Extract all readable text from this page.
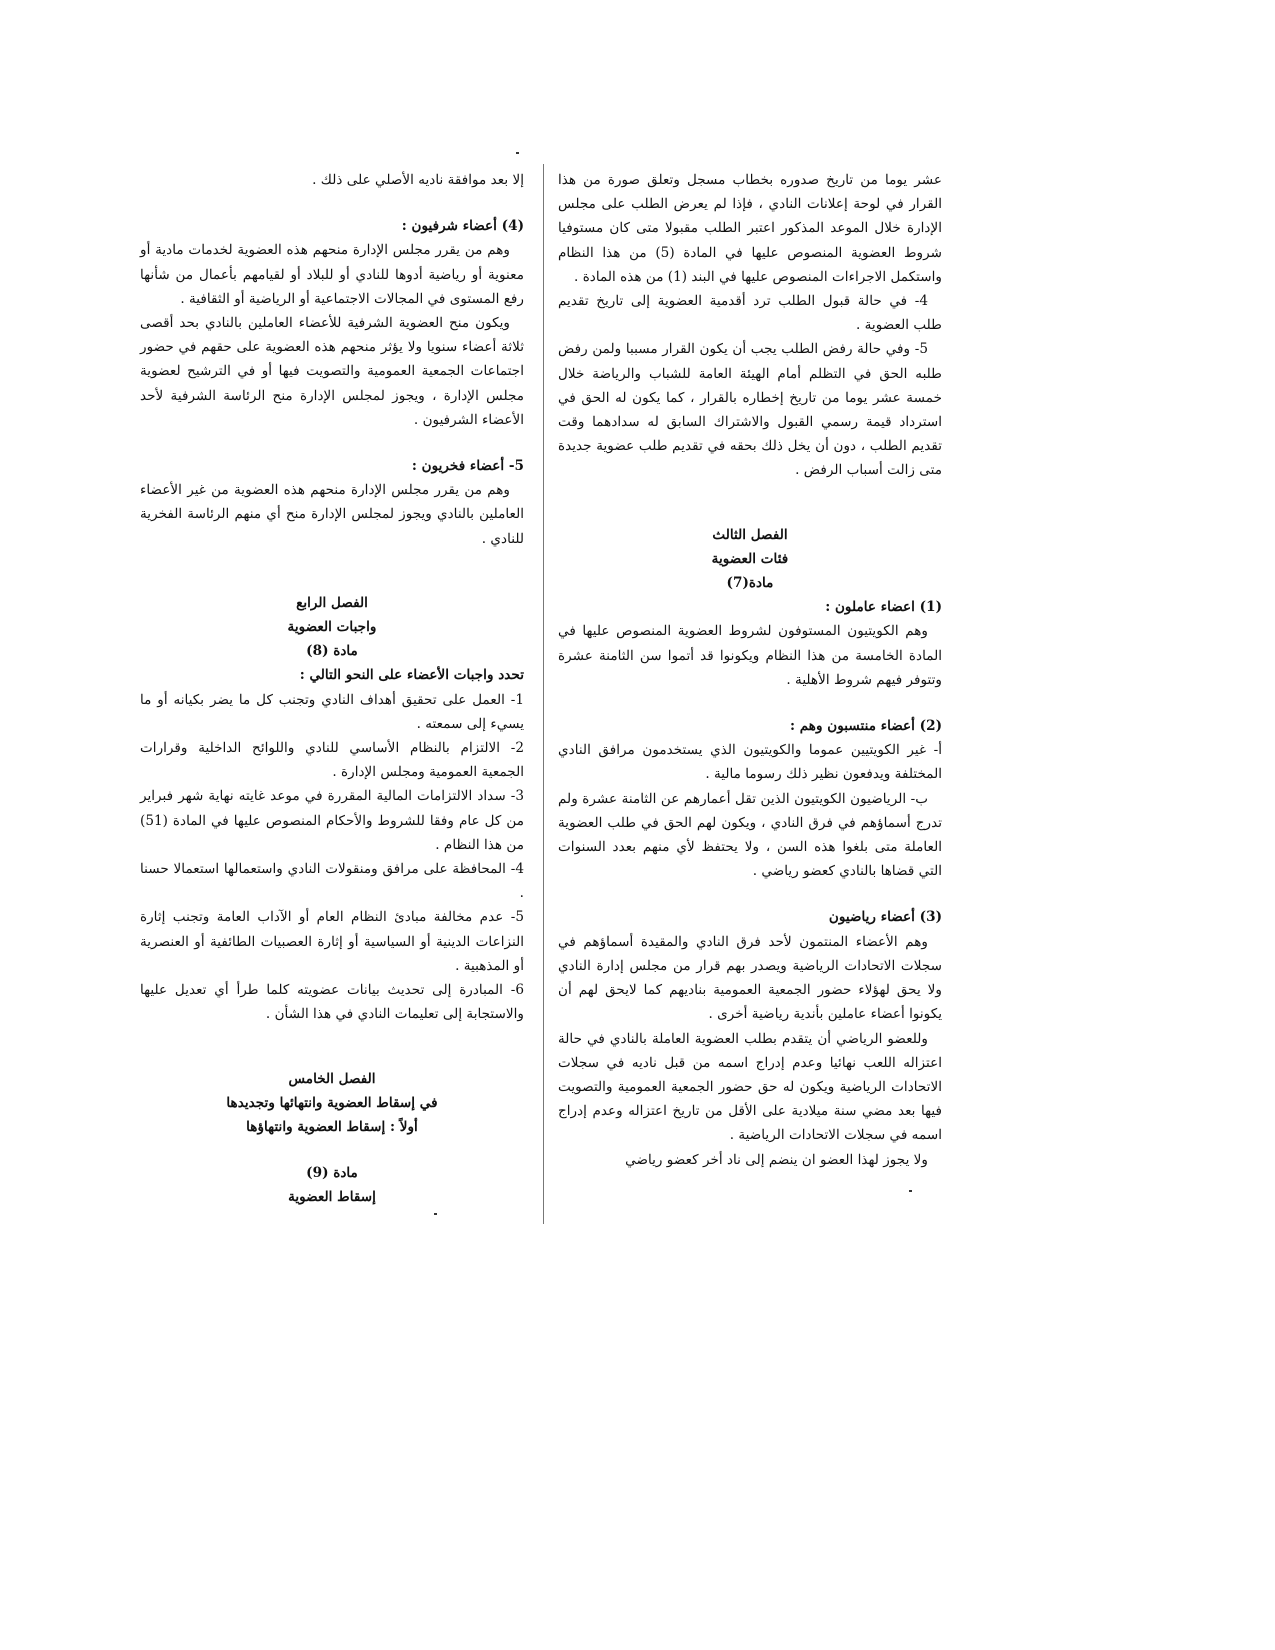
عشر يوما من تاريخ صدوره بخطاب مسجل وتعلق صورة من هذا القرار في لوحة إعلانات النادي ، فإذا لم يعرض الطلب على مجلس الإدارة خلال الموعد المذكور اعتبر الطلب مقبولا متى كان مستوفيا شروط العضوية المنصوص عليها في المادة (5) من هذا النظام واستكمل الاجراءات المنصوص عليها في البند (1) من هذه المادة .

4- في حالة قبول الطلب ترد أقدمية العضوية إلى تاريخ تقديم طلب العضوية .

5- وفي حالة رفض الطلب يجب أن يكون القرار مسببا ولمن رفض طلبه الحق في التظلم أمام الهيئة العامة للشباب والرياضة خلال خمسة عشر يوما من تاريخ إخطاره بالقرار ، كما يكون له الحق في استرداد قيمة رسمي القبول والاشتراك السابق له سدادهما وقت تقديم الطلب ، دون أن يخل ذلك بحقه في تقديم طلب عضوية جديدة متى زالت أسباب الرفض .

الفصل الثالث

فئات العضوية

مادة(7)

(1) اعضاء عاملون :

وهم الكويتيون المستوفون لشروط العضوية المنصوص عليها في المادة الخامسة من هذا النظام ويكونوا قد أتموا سن الثامنة عشرة وتتوفر فيهم شروط الأهلية .

(2) أعضاء منتسبون وهم :

أ- غير الكويتيين عموما والكويتيون الذي يستخدمون مرافق النادي المختلفة ويدفعون نظير ذلك رسوما مالية .

ب- الرياضيون الكويتيون الذين تقل أعمارهم عن الثامنة عشرة ولم تدرج أسماؤهم في فرق النادي ، ويكون لهم الحق في طلب العضوية العاملة متى بلغوا هذه السن ، ولا يحتفظ لأي منهم بعدد السنوات التي قضاها بالنادي كعضو رياضي .

(3) أعضاء رياضيون

وهم الأعضاء المنتمون لأحد فرق النادي والمقيدة أسماؤهم في سجلات الاتحادات الرياضية ويصدر بهم قرار من مجلس إدارة النادي ولا يحق لهؤلاء حضور الجمعية العمومية بناديهم كما لايحق لهم أن يكونوا أعضاء عاملين بأندية رياضية أخرى .

وللعضو الرياضي أن يتقدم بطلب العضوية العاملة بالنادي في حالة اعتزاله اللعب نهائيا وعدم إدراج اسمه من قبل ناديه في سجلات الاتحادات الرياضية ويكون له حق حضور الجمعية العمومية والتصويت فيها بعد مضي سنة ميلادية على الأقل من تاريخ اعتزاله وعدم إدراج اسمه في سجلات الاتحادات الرياضية .

ولا يجوز لهذا العضو ان ينضم إلى ناد أخر كعضو رياضي

إلا بعد موافقة ناديه الأصلي على ذلك .

(4) أعضاء شرفيون :

وهم من يقرر مجلس الإدارة منحهم هذه العضوية لخدمات مادية أو معنوية أو رياضية أدوها للنادي أو للبلاد أو لقيامهم بأعمال من شأنها رفع المستوى في المجالات الاجتماعية أو الرياضية أو الثقافية .

ويكون منح العضوية الشرفية للأعضاء العاملين بالنادي بحد أقصى ثلاثة أعضاء سنويا ولا يؤثر منحهم هذه العضوية على حقهم في حضور اجتماعات الجمعية العمومية والتصويت فيها أو في الترشيح لعضوية مجلس الإدارة ، ويجوز لمجلس الإدارة منح الرئاسة الشرفية لأحد الأعضاء الشرفيون .

5- أعضاء فخريون :

وهم من يقرر مجلس الإدارة منحهم هذه العضوية من غير الأعضاء العاملين بالنادي ويجوز لمجلس الإدارة منح أي منهم الرئاسة الفخرية للنادي .

الفصل الرابع

واجبات العضوية

مادة (8)

تحدد واجبات الأعضاء على النحو التالي :

1- العمل على تحقيق أهداف النادي وتجنب كل ما يضر بكيانه أو ما يسيء إلى سمعته .

2- الالتزام بالنظام الأساسي للنادي واللوائح الداخلية وقرارات الجمعية العمومية ومجلس الإدارة .

3- سداد الالتزامات المالية المقررة في موعد غايته نهاية شهر فبراير من كل عام وفقا للشروط والأحكام المنصوص عليها في المادة (51) من هذا النظام .

4- المحافظة على مرافق ومنقولات النادي واستعمالها استعمالا حسنا .

5- عدم مخالفة مبادئ النظام العام أو الآداب العامة وتجنب إثارة النزاعات الدينية أو السياسية أو إثارة العصبيات الطائفية أو العنصرية أو المذهبية .

6- المبادرة إلى تحديث بيانات عضويته كلما طرأ أي تعديل عليها والاستجابة إلى تعليمات النادي في هذا الشأن .

الفصل الخامس

في إسقاط العضوية وانتهائها وتجديدها

أولاً : إسقاط العضوية وانتهاؤها

مادة (9)

إسقاط العضوية
